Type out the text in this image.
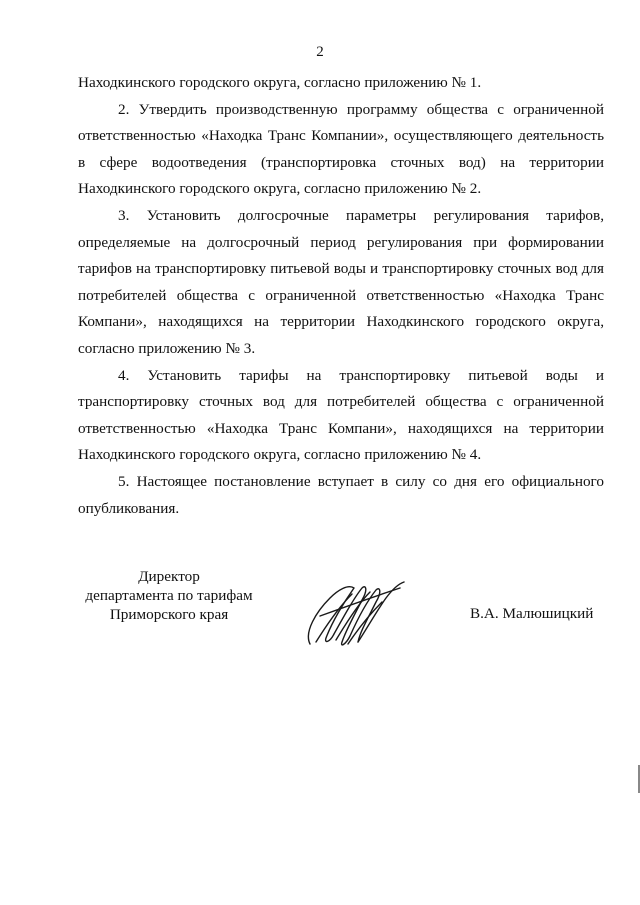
2

Находкинского городского округа, согласно приложению № 1.

2. Утвердить производственную программу общества с ограниченной ответственностью «Находка Транс Компании», осуществляющего деятельность в сфере водоотведения (транспортировка сточных вод) на территории Находкинского городского округа, согласно приложению № 2.

3. Установить долгосрочные параметры регулирования тарифов, определяемые на долгосрочный период регулирования при формировании тарифов на транспортировку питьевой воды и транспортировку сточных вод для потребителей общества с ограниченной ответственностью «Находка Транс Компани», находящихся на территории Находкинского городского округа, согласно приложению № 3.

4. Установить тарифы на транспортировку питьевой воды и транспортировку сточных вод для потребителей общества с ограниченной ответственностью «Находка Транс Компани», находящихся на территории Находкинского городского округа, согласно приложению № 4.

5. Настоящее постановление вступает в силу со дня его официального опубликования.

Директор
департамента по тарифам
Приморского края	В.А. Малюшицкий
